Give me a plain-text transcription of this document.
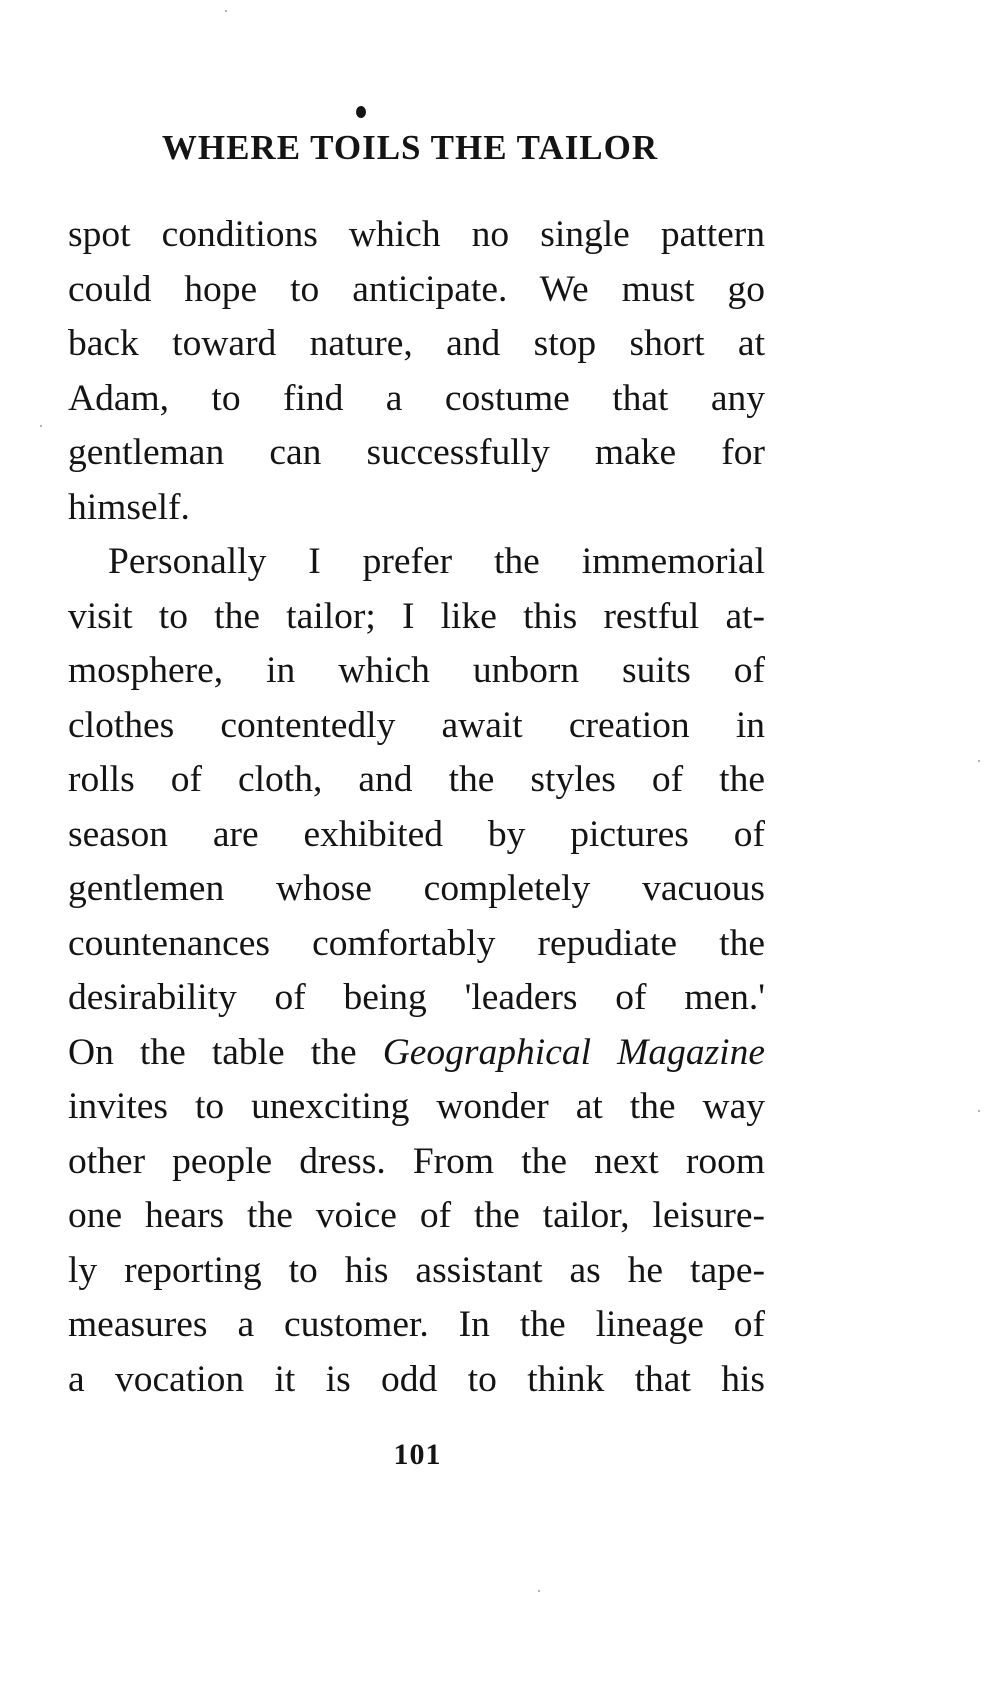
WHERE TOILS THE TAILOR
spot conditions which no single pattern
could hope to anticipate. We must go
back toward nature, and stop short at
Adam, to find a costume that any
gentleman can successfully make for
himself.
Personally I prefer the immemorial
visit to the tailor; I like this restful at-
mosphere, in which unborn suits of
clothes contentedly await creation in
rolls of cloth, and the styles of the
season are exhibited by pictures of
gentlemen whose completely vacuous
countenances comfortably repudiate the
desirability of being 'leaders of men.'
On the table the Geographical Magazine
invites to unexciting wonder at the way
other people dress. From the next room
one hears the voice of the tailor, leisure-
ly reporting to his assistant as he tape-
measures a customer. In the lineage of
a vocation it is odd to think that his
101
